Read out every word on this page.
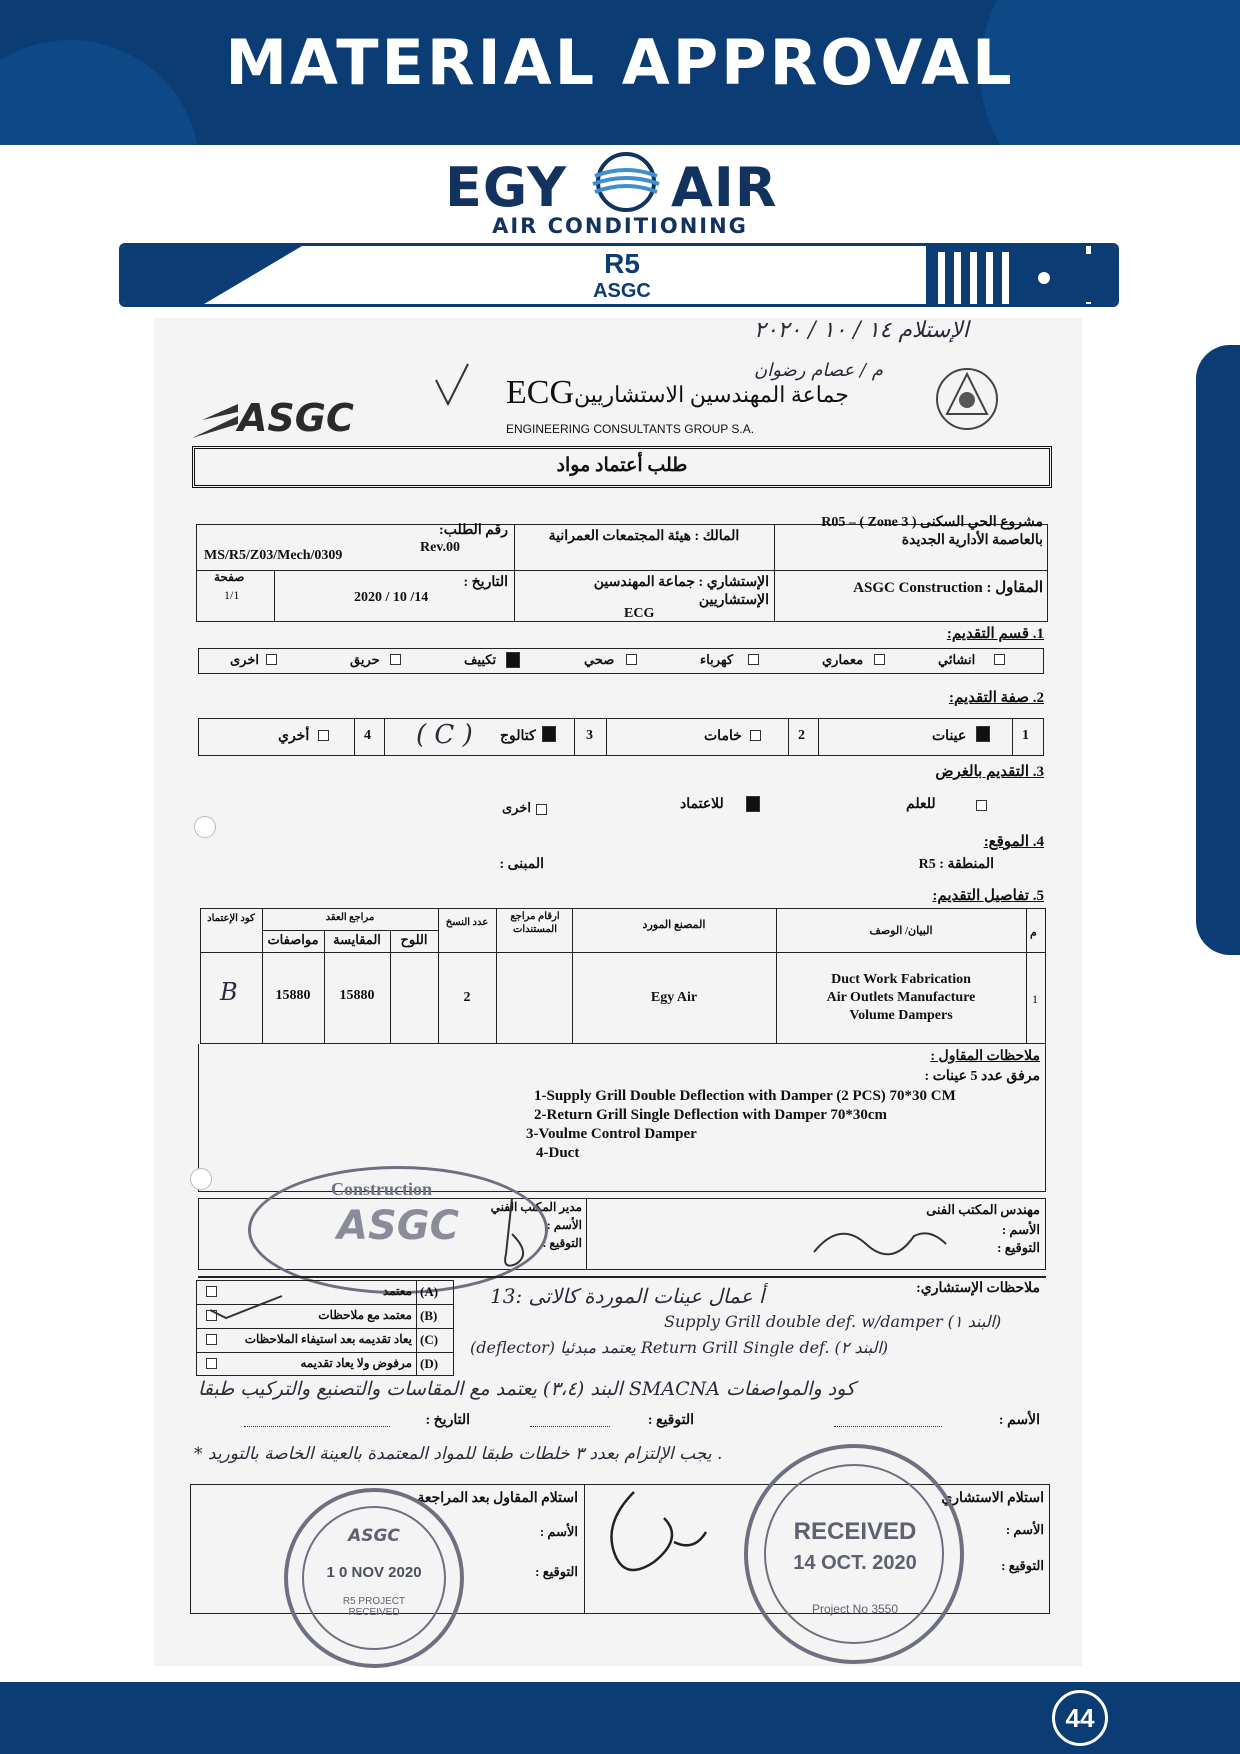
MATERIAL APPROVAL
EGY AIR
AIR CONDITIONING
R5
ASGC
ﺍﻹﺳﺘﻼﻡ ١٤ / ١٠ / ٢٠٢٠
م / عصام رضوان
ASGC
ECG جماعة المهندسين الاستشاريين
ENGINEERING CONSULTANTS GROUP S.A.
طلب أعتماد مواد
مشروع الحي السكنى R05 – ( Zone 3 )
بالعاصمة الأدارية الجديدة
المالك : هيئة المجتمعات العمرانية
رقم الطلب:
Rev.00
MS/R5/Z03/Mech/0309
المقاول : ASGC Construction
الإستشاري : جماعة المهندسين
الإستشاريين
ECG
التاريخ :
2020 / 10 /14
صفحة
1/1
1. قسم التقديم:
انشائي
معماري
كهرباء
صحي
تكييف
حريق
اخرى
2. صفة التقديم:
1
عينات
2
خامات
3
كتالوج
( C )
4
أخري
3. التقديم بالغرض
للعلم
للاعتماد
اخرى
4. الموقع:
المنطقة : R5
المبنى :
5. تفاصيل التقديم:
م
البيان/ الوصف
المصنع المورد
ارقام مراجع المستندات
عدد النسخ
مراجع العقد
اللوح
المقايسة
مواصفات
كود الإعتماد
1
Duct Work Fabrication
Air Outlets Manufacture
Volume Dampers
Egy Air
2
15880
15880
B
ملاحظات المقاول :
مرفق عدد 5 عينات :
1-Supply Grill Double Deflection with Damper (2 PCS) 70*30 CM
2-Return Grill Single Deflection with Damper 70*30cm
3-Voulme Control Damper
4-Duct
مهندس المكتب الفنى
الأسم :
التوقيع :
مدير المكتب الفني
الأسم :
التوقيع :
Construction
ASGC
ملاحظات الإستشاري:
(A)
معتمد
(B)
معتمد مع ملاحظات
(C)
يعاد تقديمه بعد استيفاء الملاحظات
(D)
مرفوض ولا يعاد تقديمه
13: أ عمال عينات الموردة كالاتى
Supply Grill double def. w/damper (البند ١)
(deflector) يعتمد مبدئيا Return Grill Single def. (البند ٢)
البند (٣،٤) يعتمد مع المقاسات والتصنيع والتركيب طبقا SMACNA كود والمواصفات
* يجب الإلتزام بعدد ٣ خلطات طبقا للمواد المعتمدة بالعينة الخاصة بالتوريد .
الأسم :
التوقيع :
التاريخ :
استلام الاستشاري
الأسم :
التوقيع :
استلام المقاول بعد المراجعة
الأسم :
التوقيع :
RECEIVED
14 OCT. 2020
Project No 3550
ASGC
1 0 NOV 2020
R5 PROJECT RECEIVED
44
